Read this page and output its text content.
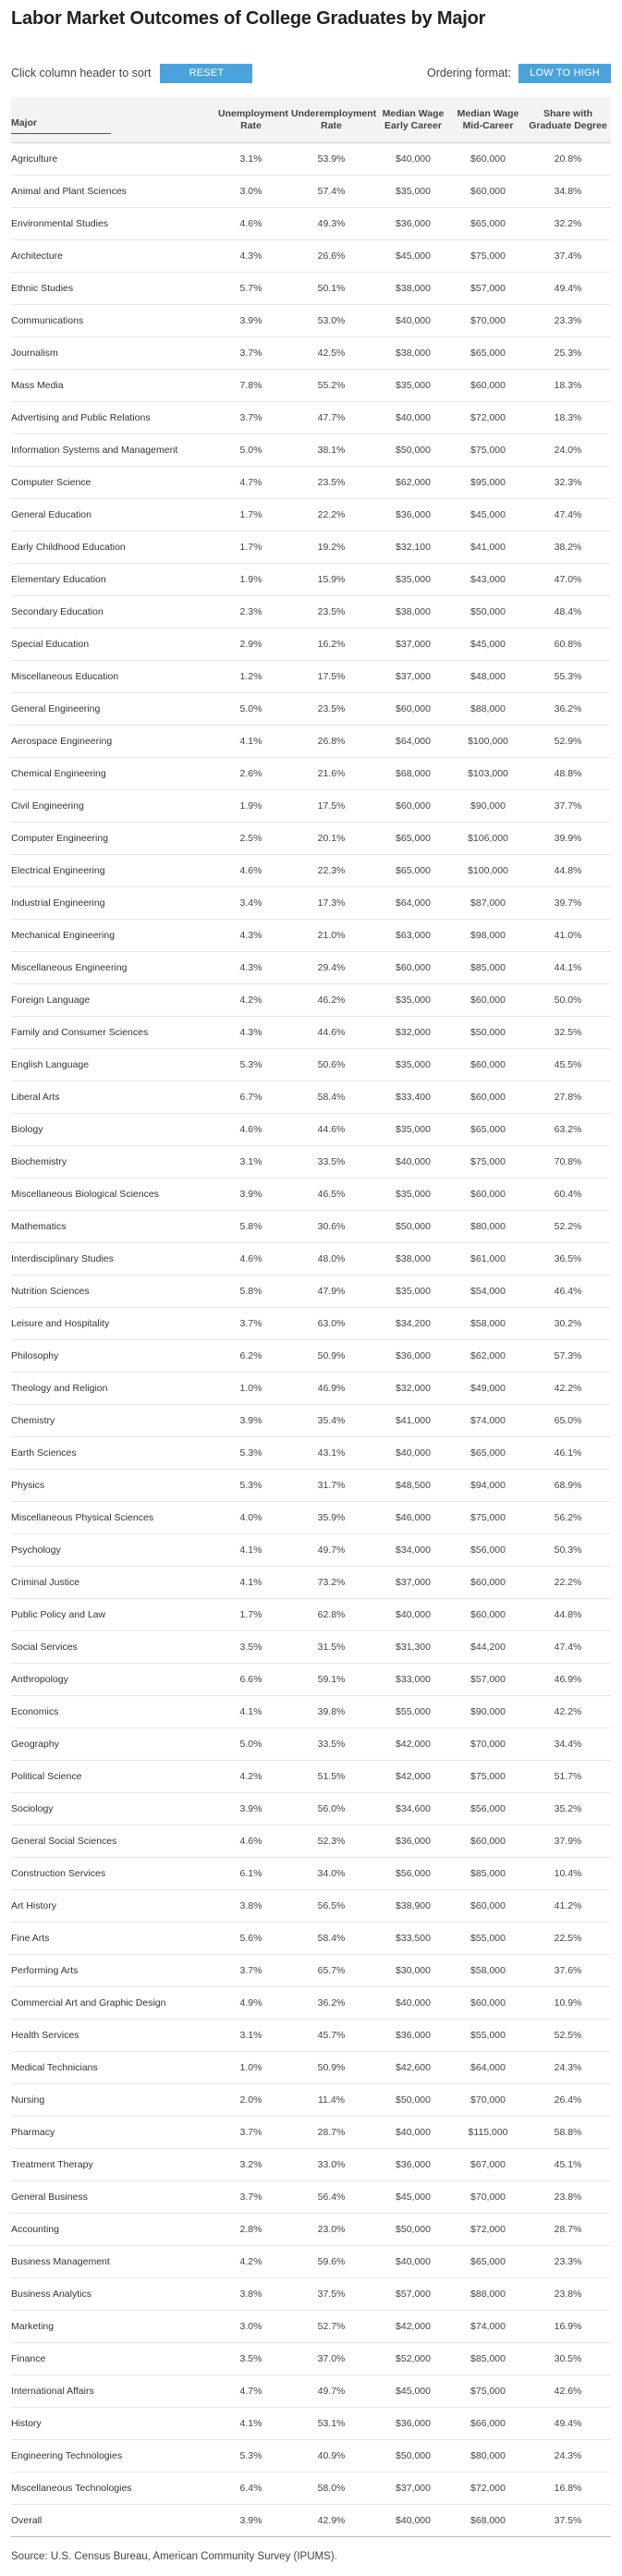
Labor Market Outcomes of College Graduates by Major
Click column header to sort	RESET	Ordering format:	LOW TO HIGH
Major	Unemployment Rate	Underemployment Rate	Median Wage Early Career	Median Wage Mid-Career	Share with Graduate Degree
Agriculture	3.1%	53.9%	$40,000	$60,000	20.8%
Animal and Plant Sciences	3.0%	57.4%	$35,000	$60,000	34.8%
Environmental Studies	4.6%	49.3%	$36,000	$65,000	32.2%
Architecture	4.3%	26.6%	$45,000	$75,000	37.4%
Ethnic Studies	5.7%	50.1%	$38,000	$57,000	49.4%
Communications	3.9%	53.0%	$40,000	$70,000	23.3%
Journalism	3.7%	42.5%	$38,000	$65,000	25.3%
Mass Media	7.8%	55.2%	$35,000	$60,000	18.3%
Advertising and Public Relations	3.7%	47.7%	$40,000	$72,000	18.3%
Information Systems and Management	5.0%	38.1%	$50,000	$75,000	24.0%
Computer Science	4.7%	23.5%	$62,000	$95,000	32.3%
General Education	1.7%	22.2%	$36,000	$45,000	47.4%
Early Childhood Education	1.7%	19.2%	$32,100	$41,000	38.2%
Elementary Education	1.9%	15.9%	$35,000	$43,000	47.0%
Secondary Education	2.3%	23.5%	$38,000	$50,000	48.4%
Special Education	2.9%	16.2%	$37,000	$45,000	60.8%
Miscellaneous Education	1.2%	17.5%	$37,000	$48,000	55.3%
General Engineering	5.0%	23.5%	$60,000	$88,000	36.2%
Aerospace Engineering	4.1%	26.8%	$64,000	$100,000	52.9%
Chemical Engineering	2.6%	21.6%	$68,000	$103,000	48.8%
Civil Engineering	1.9%	17.5%	$60,000	$90,000	37.7%
Computer Engineering	2.5%	20.1%	$65,000	$106,000	39.9%
Electrical Engineering	4.6%	22.3%	$65,000	$100,000	44.8%
Industrial Engineering	3.4%	17.3%	$64,000	$87,000	39.7%
Mechanical Engineering	4.3%	21.0%	$63,000	$98,000	41.0%
Miscellaneous Engineering	4.3%	29.4%	$60,000	$85,000	44.1%
Foreign Language	4.2%	46.2%	$35,000	$60,000	50.0%
Family and Consumer Sciences	4.3%	44.6%	$32,000	$50,000	32.5%
English Language	5.3%	50.6%	$35,000	$60,000	45.5%
Liberal Arts	6.7%	58.4%	$33,400	$60,000	27.8%
Biology	4.6%	44.6%	$35,000	$65,000	63.2%
Biochemistry	3.1%	33.5%	$40,000	$75,000	70.8%
Miscellaneous Biological Sciences	3.9%	46.5%	$35,000	$60,000	60.4%
Mathematics	5.8%	30.6%	$50,000	$80,000	52.2%
Interdisciplinary Studies	4.6%	48.0%	$38,000	$61,000	36.5%
Nutrition Sciences	5.8%	47.9%	$35,000	$54,000	46.4%
Leisure and Hospitality	3.7%	63.0%	$34,200	$58,000	30.2%
Philosophy	6.2%	50.9%	$36,000	$62,000	57.3%
Theology and Religion	1.0%	46.9%	$32,000	$49,000	42.2%
Chemistry	3.9%	35.4%	$41,000	$74,000	65.0%
Earth Sciences	5.3%	43.1%	$40,000	$65,000	46.1%
Physics	5.3%	31.7%	$48,500	$94,000	68.9%
Miscellaneous Physical Sciences	4.0%	35.9%	$46,000	$75,000	56.2%
Psychology	4.1%	49.7%	$34,000	$56,000	50.3%
Criminal Justice	4.1%	73.2%	$37,000	$60,000	22.2%
Public Policy and Law	1.7%	62.8%	$40,000	$60,000	44.8%
Social Services	3.5%	31.5%	$31,300	$44,200	47.4%
Anthropology	6.6%	59.1%	$33,000	$57,000	46.9%
Economics	4.1%	39.8%	$55,000	$90,000	42.2%
Geography	5.0%	33.5%	$42,000	$70,000	34.4%
Political Science	4.2%	51.5%	$42,000	$75,000	51.7%
Sociology	3.9%	56.0%	$34,600	$56,000	35.2%
General Social Sciences	4.6%	52.3%	$36,000	$60,000	37.9%
Construction Services	6.1%	34.0%	$56,000	$85,000	10.4%
Art History	3.8%	56.5%	$38,900	$60,000	41.2%
Fine Arts	5.6%	58.4%	$33,500	$55,000	22.5%
Performing Arts	3.7%	65.7%	$30,000	$58,000	37.6%
Commercial Art and Graphic Design	4.9%	36.2%	$40,000	$60,000	10.9%
Health Services	3.1%	45.7%	$36,000	$55,000	52.5%
Medical Technicians	1.0%	50.9%	$42,600	$64,000	24.3%
Nursing	2.0%	11.4%	$50,000	$70,000	26.4%
Pharmacy	3.7%	28.7%	$40,000	$115,000	58.8%
Treatment Therapy	3.2%	33.0%	$36,000	$67,000	45.1%
General Business	3.7%	56.4%	$45,000	$70,000	23.8%
Accounting	2.8%	23.0%	$50,000	$72,000	28.7%
Business Management	4.2%	59.6%	$40,000	$65,000	23.3%
Business Analytics	3.8%	37.5%	$57,000	$88,000	23.8%
Marketing	3.0%	52.7%	$42,000	$74,000	16.9%
Finance	3.5%	37.0%	$52,000	$85,000	30.5%
International Affairs	4.7%	49.7%	$45,000	$75,000	42.6%
History	4.1%	53.1%	$36,000	$66,000	49.4%
Engineering Technologies	5.3%	40.9%	$50,000	$80,000	24.3%
Miscellaneous Technologies	6.4%	58.0%	$37,000	$72,000	16.8%
Overall	3.9%	42.9%	$40,000	$68,000	37.5%
Source: U.S. Census Bureau, American Community Survey (IPUMS).
